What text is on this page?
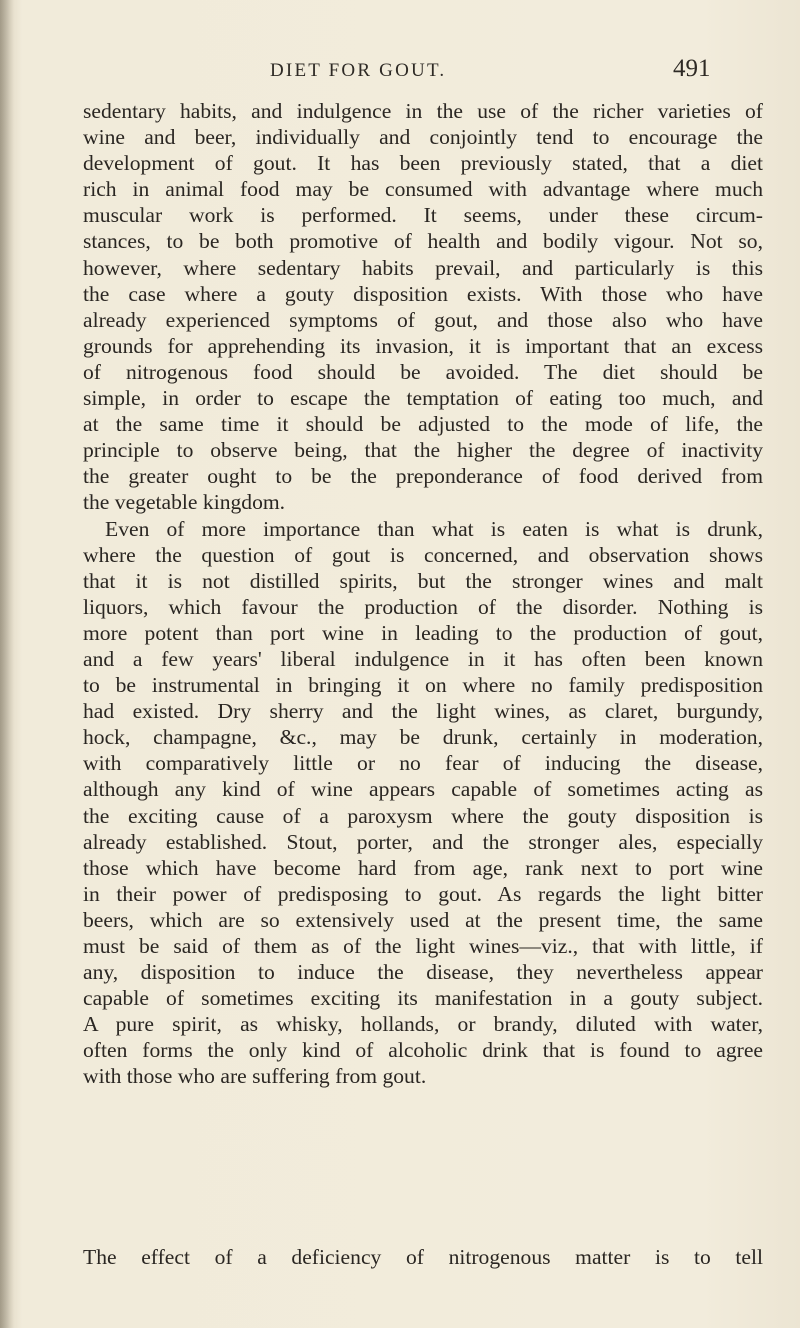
DIET FOR GOUT.	491
sedentary habits, and indulgence in the use of the richer varieties of
wine and beer, individually and conjointly tend to encourage the
development of gout. It has been previously stated, that a diet
rich in animal food may be consumed with advantage where much
muscular work is performed. It seems, under these circum-
stances, to be both promotive of health and bodily vigour. Not so,
however, where sedentary habits prevail, and particularly is this
the case where a gouty disposition exists. With those who have
already experienced symptoms of gout, and those also who have
grounds for apprehending its invasion, it is important that an excess
of nitrogenous food should be avoided. The diet should be
simple, in order to escape the temptation of eating too much, and
at the same time it should be adjusted to the mode of life, the
principle to observe being, that the higher the degree of inactivity
the greater ought to be the preponderance of food derived from
the vegetable kingdom.
Even of more importance than what is eaten is what is drunk,
where the question of gout is concerned, and observation shows
that it is not distilled spirits, but the stronger wines and malt
liquors, which favour the production of the disorder. Nothing is
more potent than port wine in leading to the production of gout,
and a few years' liberal indulgence in it has often been known
to be instrumental in bringing it on where no family predisposition
had existed. Dry sherry and the light wines, as claret, burgundy,
hock, champagne, &c., may be drunk, certainly in moderation,
with comparatively little or no fear of inducing the disease,
although any kind of wine appears capable of sometimes acting as
the exciting cause of a paroxysm where the gouty disposition is
already established. Stout, porter, and the stronger ales, especially
those which have become hard from age, rank next to port wine
in their power of predisposing to gout. As regards the light bitter
beers, which are so extensively used at the present time, the same
must be said of them as of the light wines—viz., that with little, if
any, disposition to induce the disease, they nevertheless appear
capable of sometimes exciting its manifestation in a gouty subject.
A pure spirit, as whisky, hollands, or brandy, diluted with water,
often forms the only kind of alcoholic drink that is found to agree
with those who are suffering from gout.
The effect of a deficiency of nitrogenous matter is to tell
